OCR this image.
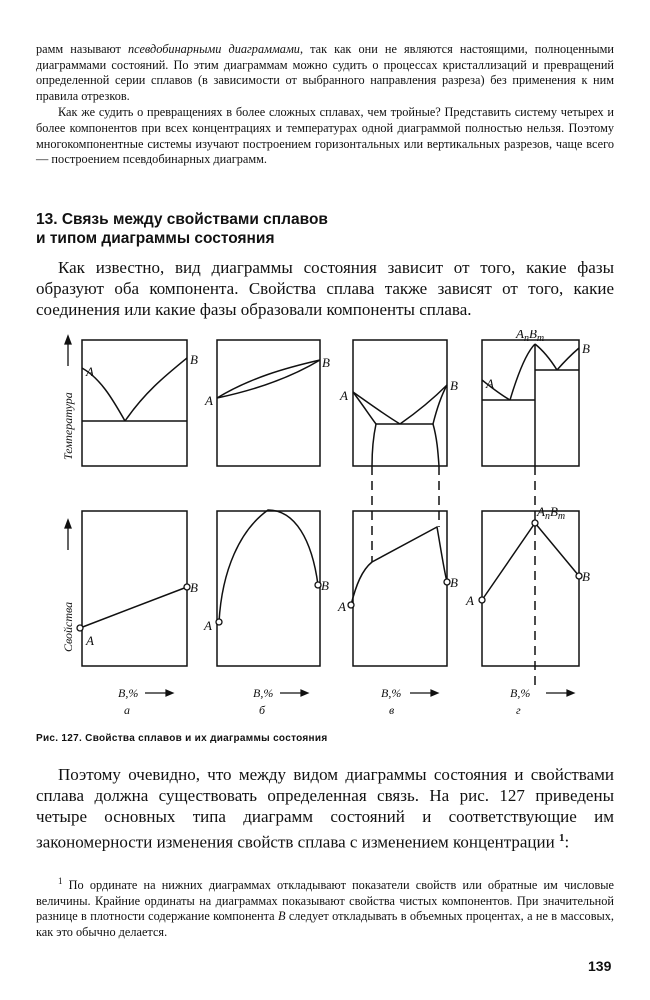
рамм называют псевдобинарными диаграммами, так как они не являются настоящими, полноценными диаграммами состояний. По этим диаграммам можно судить о процессах кристаллизаций и превращений определенной серии сплавов (в зависимости от выбранного направления разреза) без применения к ним правила отрезков.

Как же судить о превращениях в более сложных сплавах, чем тройные? Представить систему четырех и более компонентов при всех концентрациях и температурах одной диаграммой полностью нельзя. Поэтому многокомпонентные системы изучают построением горизонтальных или вертикальных разрезов, чаще всего — построением псевдобинарных диаграмм.

13. Связь между свойствами сплавов
и типом диаграммы состояния

Как известно, вид диаграммы состояния зависит от того, какие фазы образуют оба компонента. Свойства сплава также зависят от того, какие соединения или какие фазы образовали компоненты сплава.

Температура
Свойства
A
B
A
B
A
B A
B
$A_nB_m$
A
B
A
B
A
B
A
B
$A_nB_m$
B,%	B,%	B,%	B,%
а	б	в	г
Рис. 127. Свойства сплавов и их диаграммы состояния

Поэтому очевидно, что между видом диаграммы состояния и свойствами сплава должна существовать определенная связь. На рис. 127 приведены четыре основных типа диаграмм состояний и соответствующие им закономерности изменения свойств сплава с изменением концентрации $^1$:

$^1$ По ординате на нижних диаграммах откладывают показатели свойств или обратные им числовые величины. Крайние ординаты на диаграммах показывают свойства чистых компонентов. При значительной разнице в плотности содержание компонента В следует откладывать в объемных процентах, а не в массовых, как это обычно делается.

139
